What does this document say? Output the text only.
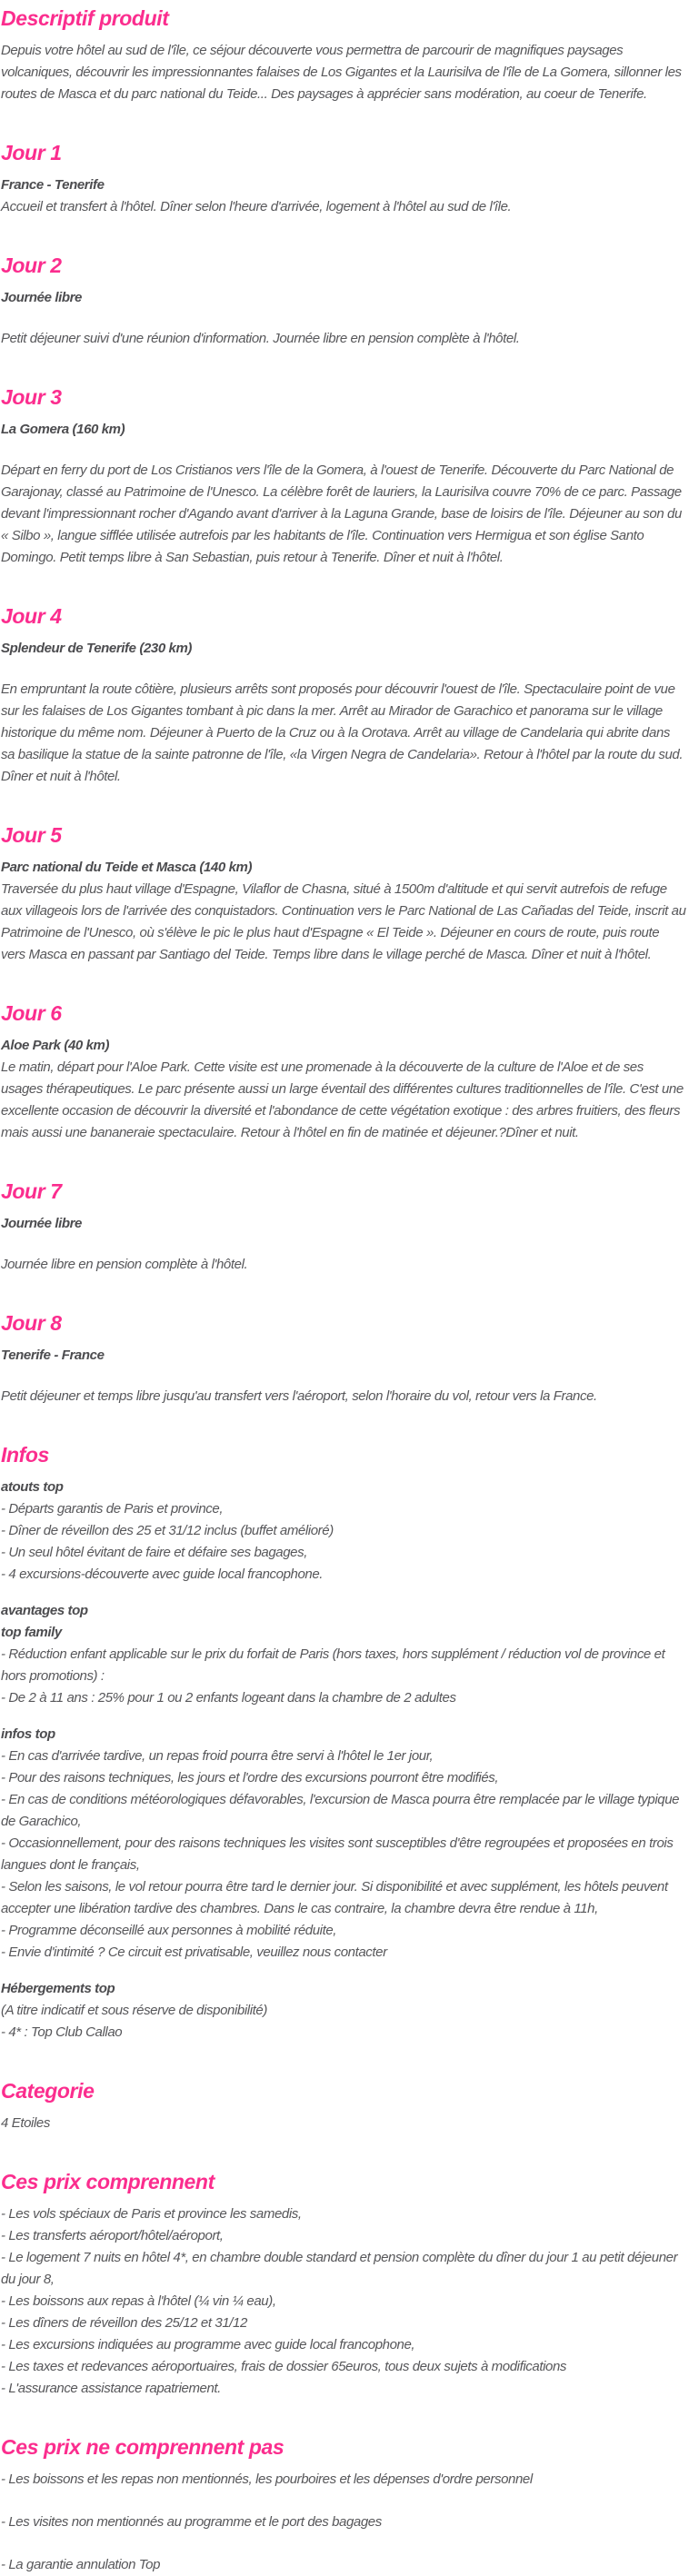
Descriptif produit

Depuis votre hôtel au sud de l'île, ce séjour découverte vous permettra de parcourir de magnifiques paysages volcaniques, découvrir les impressionnantes falaises de Los Gigantes et la Laurisilva de l'île de La Gomera, sillonner les routes de Masca et du parc national du Teide... Des paysages à apprécier sans modération, au coeur de Tenerife.

Jour 1

France - Tenerife

Accueil et transfert à l'hôtel. Dîner selon l'heure d'arrivée, logement à l'hôtel au sud de l'île.

Jour 2

Journée libre

Petit déjeuner suivi d'une réunion d'information. Journée libre en pension complète à l'hôtel.

Jour 3

La Gomera (160 km)

Départ en ferry du port de Los Cristianos vers l'île de la Gomera, à l'ouest de Tenerife. Découverte du Parc National de Garajonay, classé au Patrimoine de l'Unesco. La célèbre forêt de lauriers, la Laurisilva couvre 70% de ce parc. Passage devant l'impressionnant rocher d'Agando avant d'arriver à la Laguna Grande, base de loisirs de l'île. Déjeuner au son du « Silbo », langue sifflée utilisée autrefois par les habitants de l'île. Continuation vers Hermigua et son église Santo Domingo. Petit temps libre à San Sebastian, puis retour à Tenerife. Dîner et nuit à l'hôtel.

Jour 4

Splendeur de Tenerife (230 km)

En empruntant la route côtière, plusieurs arrêts sont proposés pour découvrir l'ouest de l'île. Spectaculaire point de vue sur les falaises de Los Gigantes tombant à pic dans la mer. Arrêt au Mirador de Garachico et panorama sur le village historique du même nom. Déjeuner à Puerto de la Cruz ou à la Orotava. Arrêt au village de Candelaria qui abrite dans sa basilique la statue de la sainte patronne de l'île, «la Virgen Negra de Candelaria». Retour à l'hôtel par la route du sud. Dîner et nuit à l'hôtel.

Jour 5

Parc national du Teide et Masca (140 km)

Traversée du plus haut village d'Espagne, Vilaflor de Chasna, situé à 1500m d'altitude et qui servit autrefois de refuge aux villageois lors de l'arrivée des conquistadors. Continuation vers le Parc National de Las Cañadas del Teide, inscrit au Patrimoine de l'Unesco, où s'élève le pic le plus haut d'Espagne « El Teide ». Déjeuner en cours de route, puis route vers Masca en passant par Santiago del Teide. Temps libre dans le village perché de Masca. Dîner et nuit à l'hôtel.

Jour 6

Aloe Park (40 km)

Le matin, départ pour l'Aloe Park. Cette visite est une promenade à la découverte de la culture de l'Aloe et de ses usages thérapeutiques. Le parc présente aussi un large éventail des différentes cultures traditionnelles de l'île. C'est une excellente occasion de découvrir la diversité et l'abondance de cette végétation exotique : des arbres fruitiers, des fleurs mais aussi une bananeraie spectaculaire. Retour à l'hôtel en fin de matinée et déjeuner.?Dîner et nuit.

Jour 7

Journée libre

Journée libre en pension complète à l'hôtel.

Jour 8

Tenerife - France

Petit déjeuner et temps libre jusqu'au transfert vers l'aéroport, selon l'horaire du vol, retour vers la France.

Infos

atouts top

- Départs garantis de Paris et province,
- Dîner de réveillon des 25 et 31/12 inclus (buffet amélioré)
- Un seul hôtel évitant de faire et défaire ses bagages,
- 4 excursions-découverte avec guide local francophone.

avantages top

top family

- Réduction enfant applicable sur le prix du forfait de Paris (hors taxes, hors supplément / réduction vol de province et hors promotions) :
- De 2 à 11 ans : 25% pour 1 ou 2 enfants logeant dans la chambre de 2 adultes

infos top

- En cas d'arrivée tardive, un repas froid pourra être servi à l'hôtel le 1er jour,
- Pour des raisons techniques, les jours et l'ordre des excursions pourront être modifiés,
- En cas de conditions météorologiques défavorables, l'excursion de Masca pourra être remplacée par le village typique de Garachico,
- Occasionnellement, pour des raisons techniques les visites sont susceptibles d'être regroupées et proposées en trois langues dont le français,
- Selon les saisons, le vol retour pourra être tard le dernier jour. Si disponibilité et avec supplément, les hôtels peuvent accepter une libération tardive des chambres. Dans le cas contraire, la chambre devra être rendue à 11h,
- Programme déconseillé aux personnes à mobilité réduite,
- Envie d'intimité ? Ce circuit est privatisable, veuillez nous contacter

Hébergements top

(A titre indicatif et sous réserve de disponibilité)
- 4* : Top Club Callao
Categorie

4 Etoiles

Ces prix comprennent
- Les vols spéciaux de Paris et province les samedis,
- Les transferts aéroport/hôtel/aéroport,
- Le logement 7 nuits en hôtel 4*, en chambre double standard et pension complète du dîner du jour 1 au petit déjeuner du jour 8,
- Les boissons aux repas à l'hôtel (¼ vin ¼ eau),
- Les dîners de réveillon des 25/12 et 31/12
- Les excursions indiquées au programme avec guide local francophone,
- Les taxes et redevances aéroportuaires, frais de dossier 65euros, tous deux sujets à modifications
- L'assurance assistance rapatriement.
Ces prix ne comprennent pas
- Les boissons et les repas non mentionnés, les pourboires et les dépenses d'ordre personnel
- Les visites non mentionnés au programme et le port des bagages
- La garantie annulation Top
